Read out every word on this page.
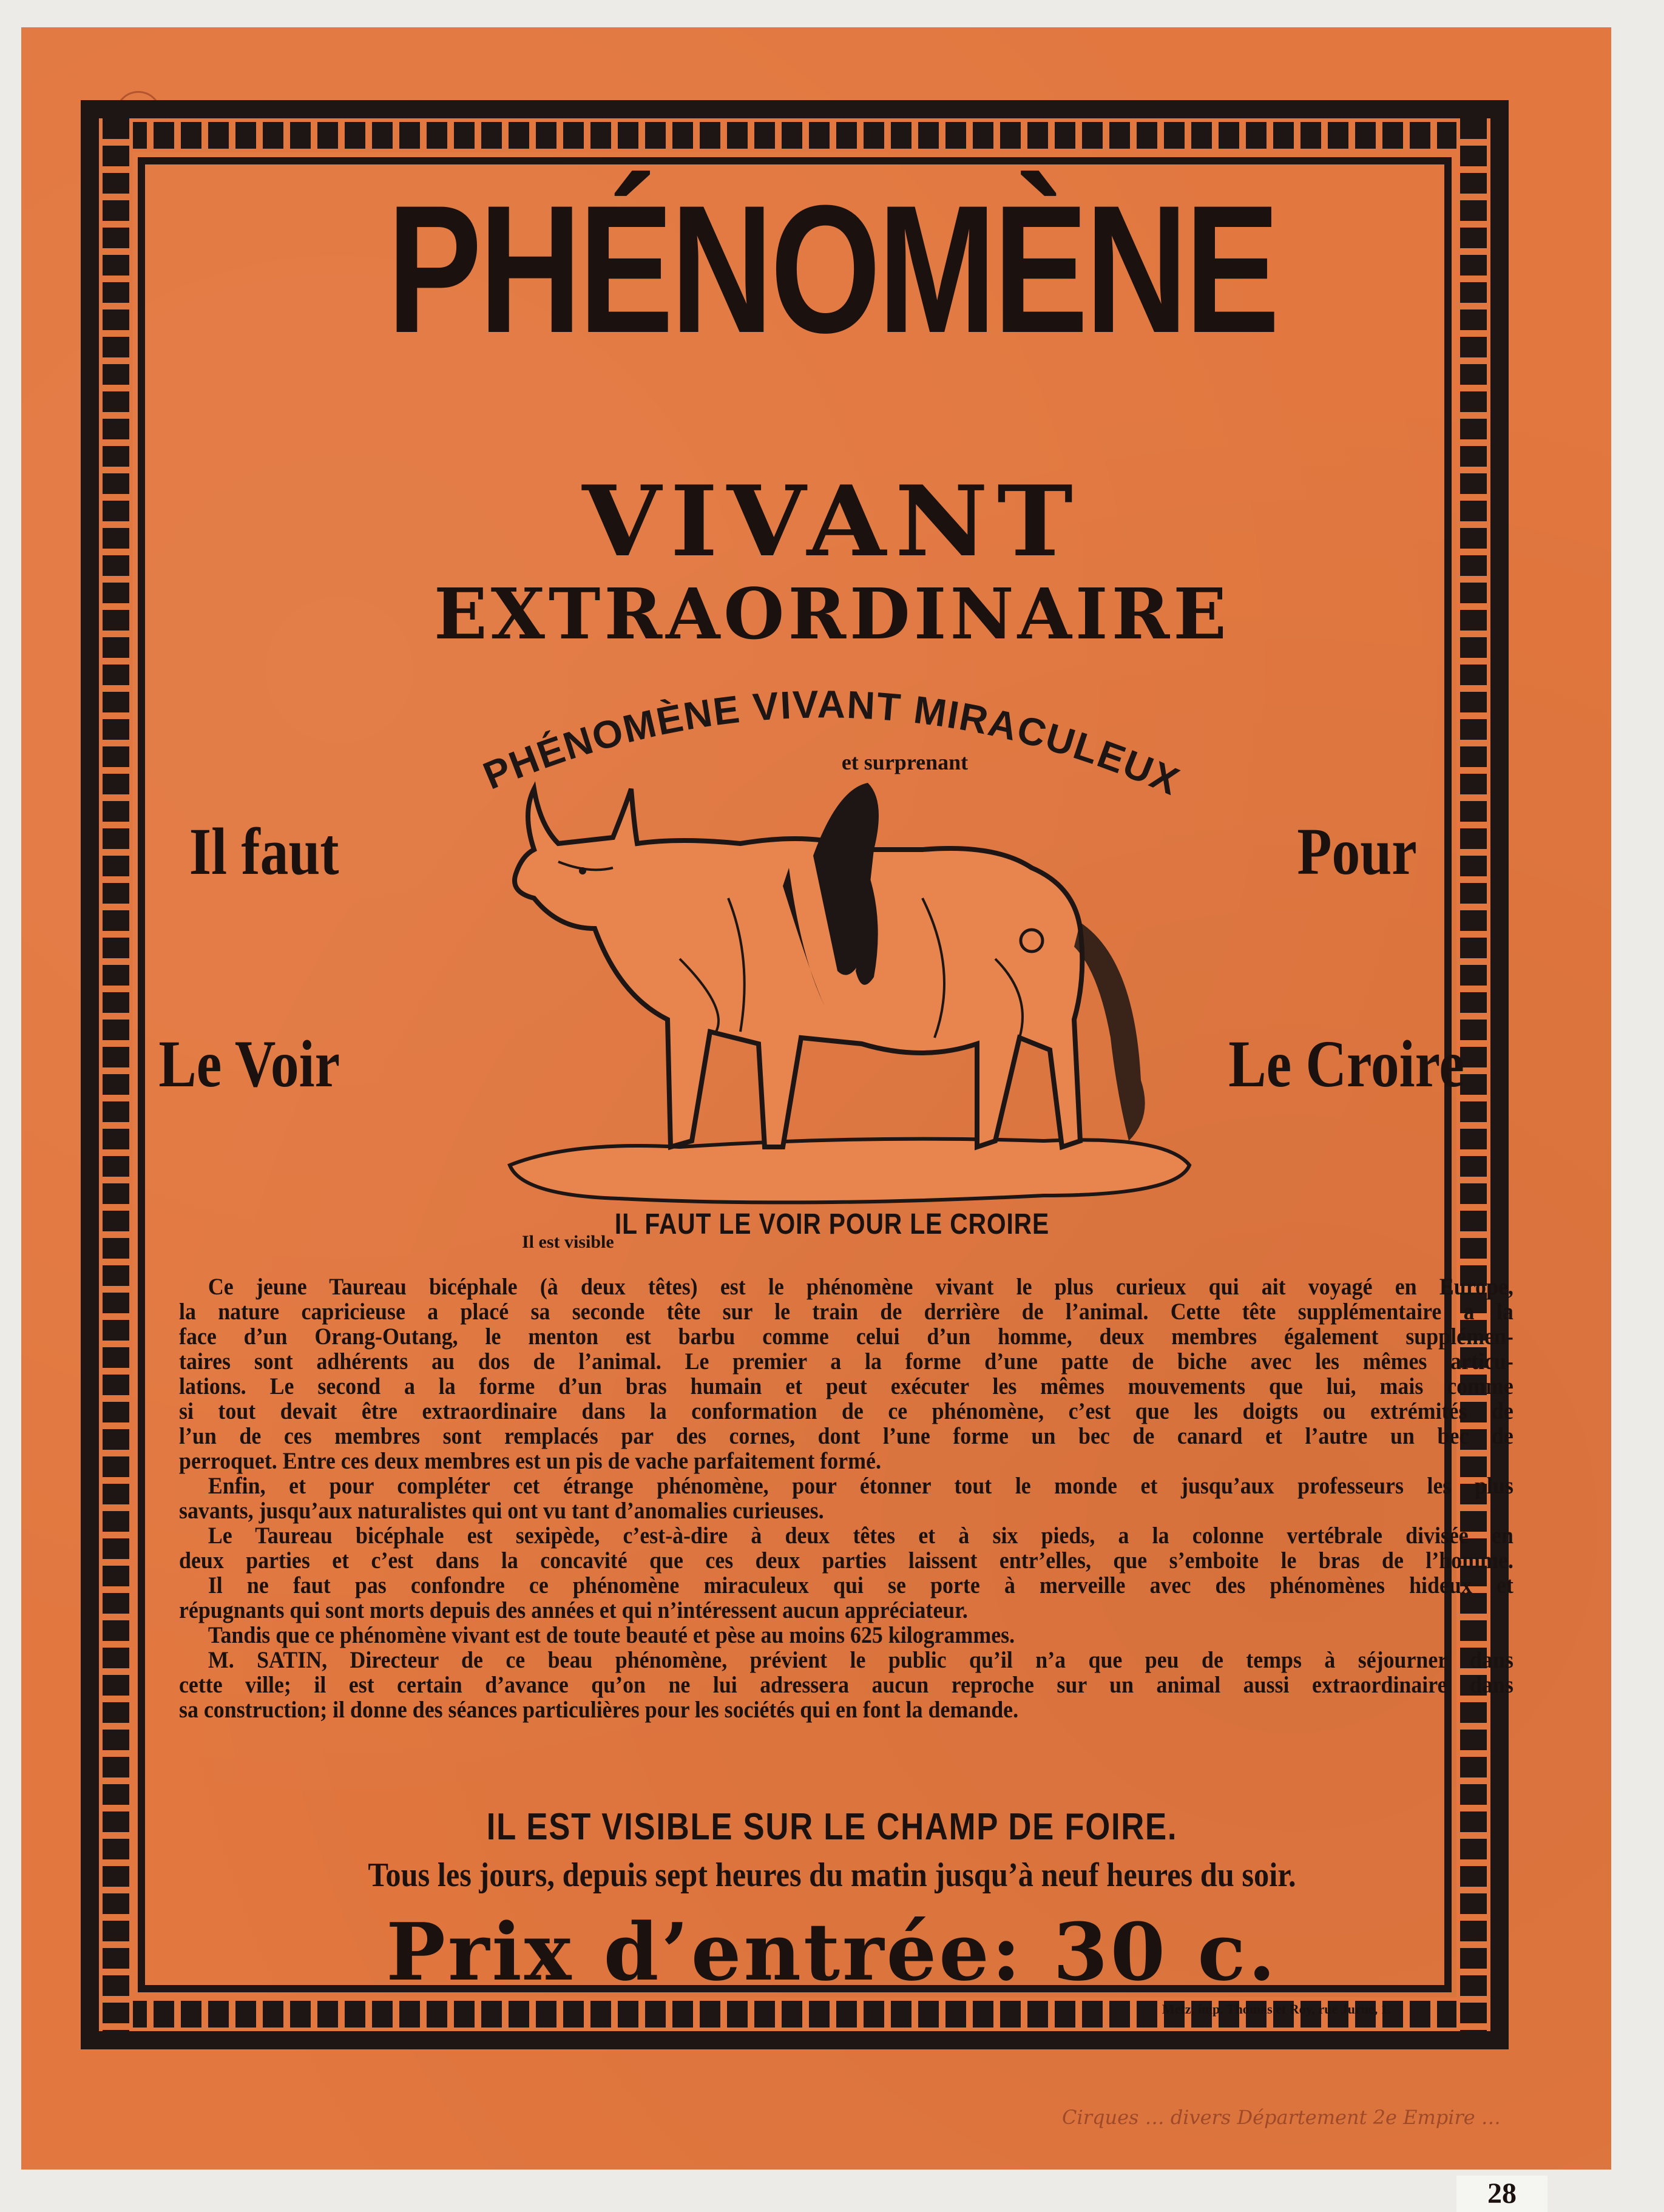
PHÉNOMÈNE
VIVANT
EXTRAORDINAIRE
PHÉNOMÈNE VIVANT MIRACULEUX
et surprenant
Il faut
Le Voir
Pour
Le Croire
IL FAUT LE VOIR POUR LE CROIRE
Il est visible
Ce jeune Taureau bicéphale (à deux têtes) est le phénomène vivant le plus curieux qui ait voyagé en Europe,
la nature capricieuse a placé sa seconde tête sur le train de derrière de l’animal. Cette tête supplémentaire a la
face d’un Orang-Outang, le menton est barbu comme celui d’un homme, deux membres également supplémen-
taires sont adhérents au dos de l’animal. Le premier a la forme d’une patte de biche avec les mêmes articu-
lations. Le second a la forme d’un bras humain et peut exécuter les mêmes mouvements que lui, mais comme
si tout devait être extraordinaire dans la conformation de ce phénomène, c’est que les doigts ou extrémités de
l’un de ces membres sont remplacés par des cornes, dont l’une forme un bec de canard et l’autre un bec de
perroquet. Entre ces deux membres est un pis de vache parfaitement formé.
Enfin, et pour compléter cet étrange phénomène, pour étonner tout le monde et jusqu’aux professeurs les plus
savants, jusqu’aux naturalistes qui ont vu tant d’anomalies curieuses.
Le Taureau bicéphale est sexipède, c’est-à-dire à deux têtes et à six pieds, a la colonne vertébrale divisée en
deux parties et c’est dans la concavité que ces deux parties laissent entr’elles, que s’emboite le bras de l’homme.
Il ne faut pas confondre ce phénomène miraculeux qui se porte à merveille avec des phénomènes hideux et
répugnants qui sont morts depuis des années et qui n’intéressent aucun appréciateur.
Tandis que ce phénomène vivant est de toute beauté et pèse au moins 625 kilogrammes.
M. SATIN, Directeur de ce beau phénomène, prévient le public qu’il n’a que peu de temps à séjourner dans
cette ville; il est certain d’avance qu’on ne lui adressera aucun reproche sur un animal aussi extraordinaire dans
sa construction; il donne des séances particulières pour les sociétés qui en font la demande.
IL EST VISIBLE SUR LE CHAMP DE FOIRE.
Tous les jours, depuis sept heures du matin jusqu’à neuf heures du soir.
Prix d’entrée: 30 c.
Metz, imp. Thomas et Roy, rue Jurue, 1.
Cirques … divers Département 2e Empire …
28
